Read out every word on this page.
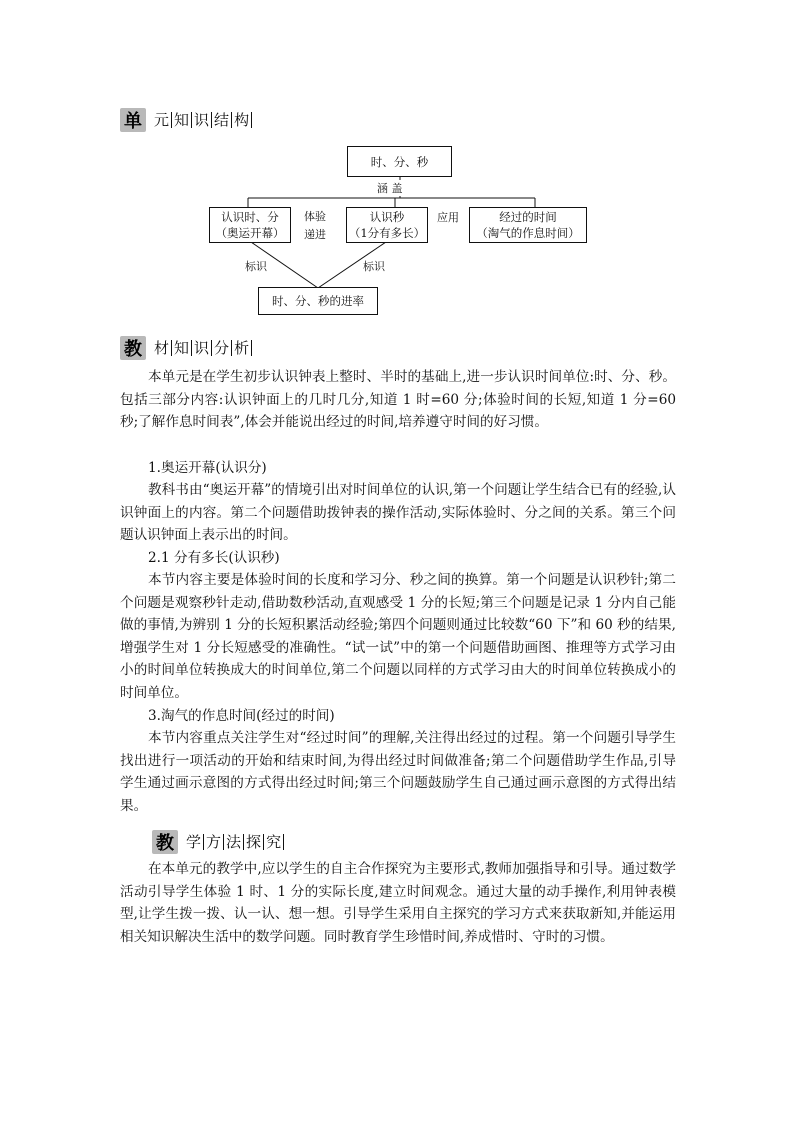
单 元 知 识 结 构
时、分、秒
涵 盖
认识时、分
（奥运开幕）
体验
递进
认识秒
（1分有多长）
应用	经过的时间
（淘气的作息时间）
标识	标识
时、分、秒的进率
教 材 知 识 分 析

本单元是在学生初步认识钟表上整时、半时的基础上,进一步认识时间单位:时、分、秒。包括三部分内容:认识钟面上的几时几分,知道 1 时=60 分;体验时间的长短,知道 1 分=60 秒;了解作息时间表”,体会并能说出经过的时间,培养遵守时间的好习惯。

1.奥运开幕(认识分)

教科书由“奥运开幕”的情境引出对时间单位的认识,第一个问题让学生结合已有的经验,认识钟面上的内容。第二个问题借助拨钟表的操作活动,实际体验时、分之间的关系。第三个问题认识钟面上表示出的时间。

2.1 分有多长(认识秒)

本节内容主要是体验时间的长度和学习分、秒之间的换算。第一个问题是认识秒针;第二个问题是观察秒针走动,借助数秒活动,直观感受 1 分的长短;第三个问题是记录 1 分内自己能做的事情,为辨别 1 分的长短积累活动经验;第四个问题则通过比较数“60 下”和 60 秒的结果,增强学生对 1 分长短感受的准确性。“试一试”中的第一个问题借助画图、推理等方式学习由小的时间单位转换成大的时间单位,第二个问题以同样的方式学习由大的时间单位转换成小的时间单位。

3.淘气的作息时间(经过的时间)

本节内容重点关注学生对“经过时间”的理解,关注得出经过的过程。第一个问题引导学生找出进行一项活动的开始和结束时间,为得出经过时间做准备;第二个问题借助学生作品,引导学生通过画示意图的方式得出经过时间;第三个问题鼓励学生自己通过画示意图的方式得出结果。

教 学 方 法 探 究

在本单元的教学中,应以学生的自主合作探究为主要形式,教师加强指导和引导。通过数学活动引导学生体验 1 时、1 分的实际长度,建立时间观念。通过大量的动手操作,利用钟表模型,让学生拨一拨、认一认、想一想。引导学生采用自主探究的学习方式来获取新知,并能运用相关知识解决生活中的数学问题。同时教育学生珍惜时间,养成惜时、守时的习惯。
